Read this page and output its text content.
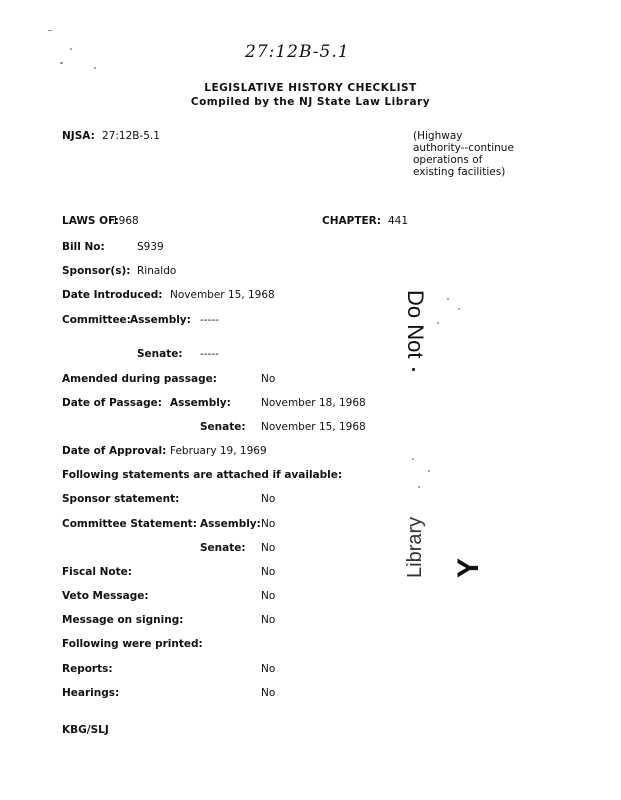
27:12B-5.1
LEGISLATIVE HISTORY CHECKLIST
Compiled by the NJ State Law Library
NJSA: 27:12B-5.1	(Highway
authority--continue
operations of
existing facilities)
LAWS OF:
1968	CHAPTER: 441
Bill No:	S939
Sponsor(s): Rinaldo
Date Introduced: November 15, 1968
Committee: Assembly: -----
Senate: -----
Amended during passage:	No
Date of Passage: Assembly:	November 18, 1968
Senate: November 15, 1968
Date of Approval: February 19, 1969
Following statements are attached if available:
Sponsor statement:	No
Committee Statement: Assembly: No
Senate: No
Fiscal Note:	No
Veto Message:	No
Message on signing:	No
Following were printed:
Reports:	No
Hearings:	No
KBG/SLJ
Do Not
Library Y
